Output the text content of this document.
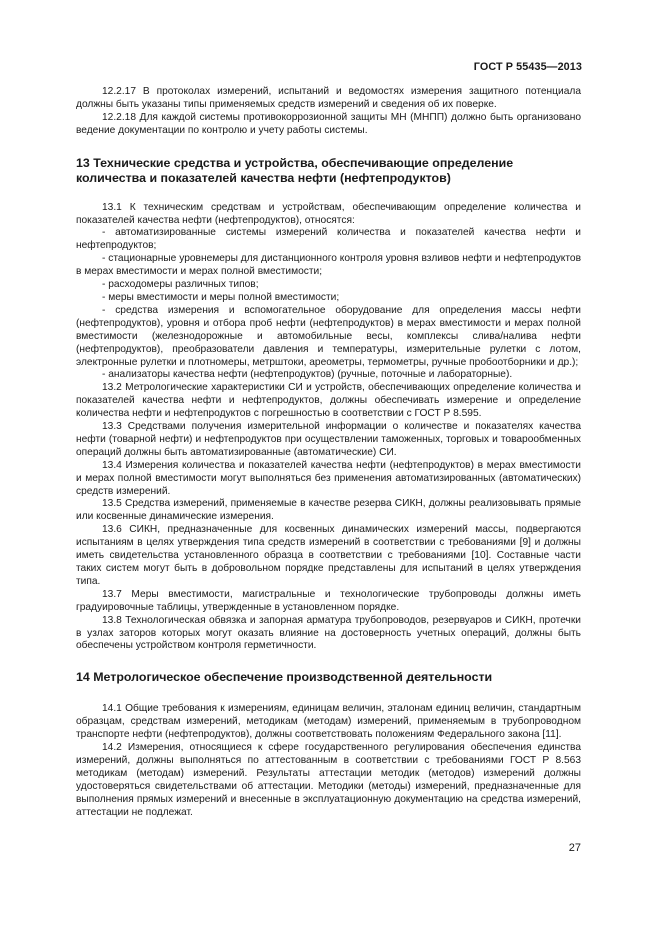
ГОСТ Р 55435—2013

12.2.17 В протоколах измерений, испытаний и ведомостях измерения защитного потенциала должны быть указаны типы применяемых средств измерений и сведения об их поверке.

12.2.18 Для каждой системы противокоррозионной защиты МН (МНПП) должно быть организовано ведение документации по контролю и учету работы системы.

13 Технические средства и устройства, обеспечивающие определение количества и показателей качества нефти (нефтепродуктов)

13.1 К техническим средствам и устройствам, обеспечивающим определение количества и показателей качества нефти (нефтепродуктов), относятся:

- автоматизированные системы измерений количества и показателей качества нефти и нефтепродуктов;

- стационарные уровнемеры для дистанционного контроля уровня взливов нефти и нефтепродуктов в мерах вместимости и мерах полной вместимости;

- расходомеры различных типов;

- меры вместимости и меры полной вместимости;

- средства измерения и вспомогательное оборудование для определения массы нефти (нефтепродуктов), уровня и отбора проб нефти (нефтепродуктов) в мерах вместимости и мерах полной вместимости (железнодорожные и автомобильные весы, комплексы слива/налива нефти (нефтепродуктов), преобразователи давления и температуры, измерительные рулетки с лотом, электронные рулетки и плотномеры, метрштоки, ареометры, термометры, ручные пробоотборники и др.);

- анализаторы качества нефти (нефтепродуктов) (ручные, поточные и лабораторные).

13.2 Метрологические характеристики СИ и устройств, обеспечивающих определение количества и показателей качества нефти и нефтепродуктов, должны обеспечивать измерение и определение количества нефти и нефтепродуктов с погрешностью в соответствии с ГОСТ Р 8.595.

13.3 Средствами получения измерительной информации о количестве и показателях качества нефти (товарной нефти) и нефтепродуктов при осуществлении таможенных, торговых и товарообменных операций должны быть автоматизированные (автоматические) СИ.

13.4 Измерения количества и показателей качества нефти (нефтепродуктов) в мерах вместимости и мерах полной вместимости могут выполняться без применения автоматизированных (автоматических) средств измерений.

13.5 Средства измерений, применяемые в качестве резерва СИКН, должны реализовывать прямые или косвенные динамические измерения.

13.6 СИКН, предназначенные для косвенных динамических измерений массы, подвергаются испытаниям в целях утверждения типа средств измерений в соответствии с требованиями [9] и должны иметь свидетельства установленного образца в соответствии с требованиями [10]. Составные части таких систем могут быть в добровольном порядке представлены для испытаний в целях утверждения типа.

13.7 Меры вместимости, магистральные и технологические трубопроводы должны иметь градуировочные таблицы, утвержденные в установленном порядке.

13.8 Технологическая обвязка и запорная арматура трубопроводов, резервуаров и СИКН, протечки в узлах заторов которых могут оказать влияние на достоверность учетных операций, должны быть обеспечены устройством контроля герметичности.

14 Метрологическое обеспечение производственной деятельности

14.1 Общие требования к измерениям, единицам величин, эталонам единиц величин, стандартным образцам, средствам измерений, методикам (методам) измерений, применяемым в трубопроводном транспорте нефти (нефтепродуктов), должны соответствовать положениям Федерального закона [11].

14.2 Измерения, относящиеся к сфере государственного регулирования обеспечения единства измерений, должны выполняться по аттестованным в соответствии с требованиями ГОСТ Р 8.563 методикам (методам) измерений. Результаты аттестации методик (методов) измерений должны удостоверяться свидетельствами об аттестации. Методики (методы) измерений, предназначенные для выполнения прямых измерений и внесенные в эксплуатационную документацию на средства измерений, аттестации не подлежат.

27
